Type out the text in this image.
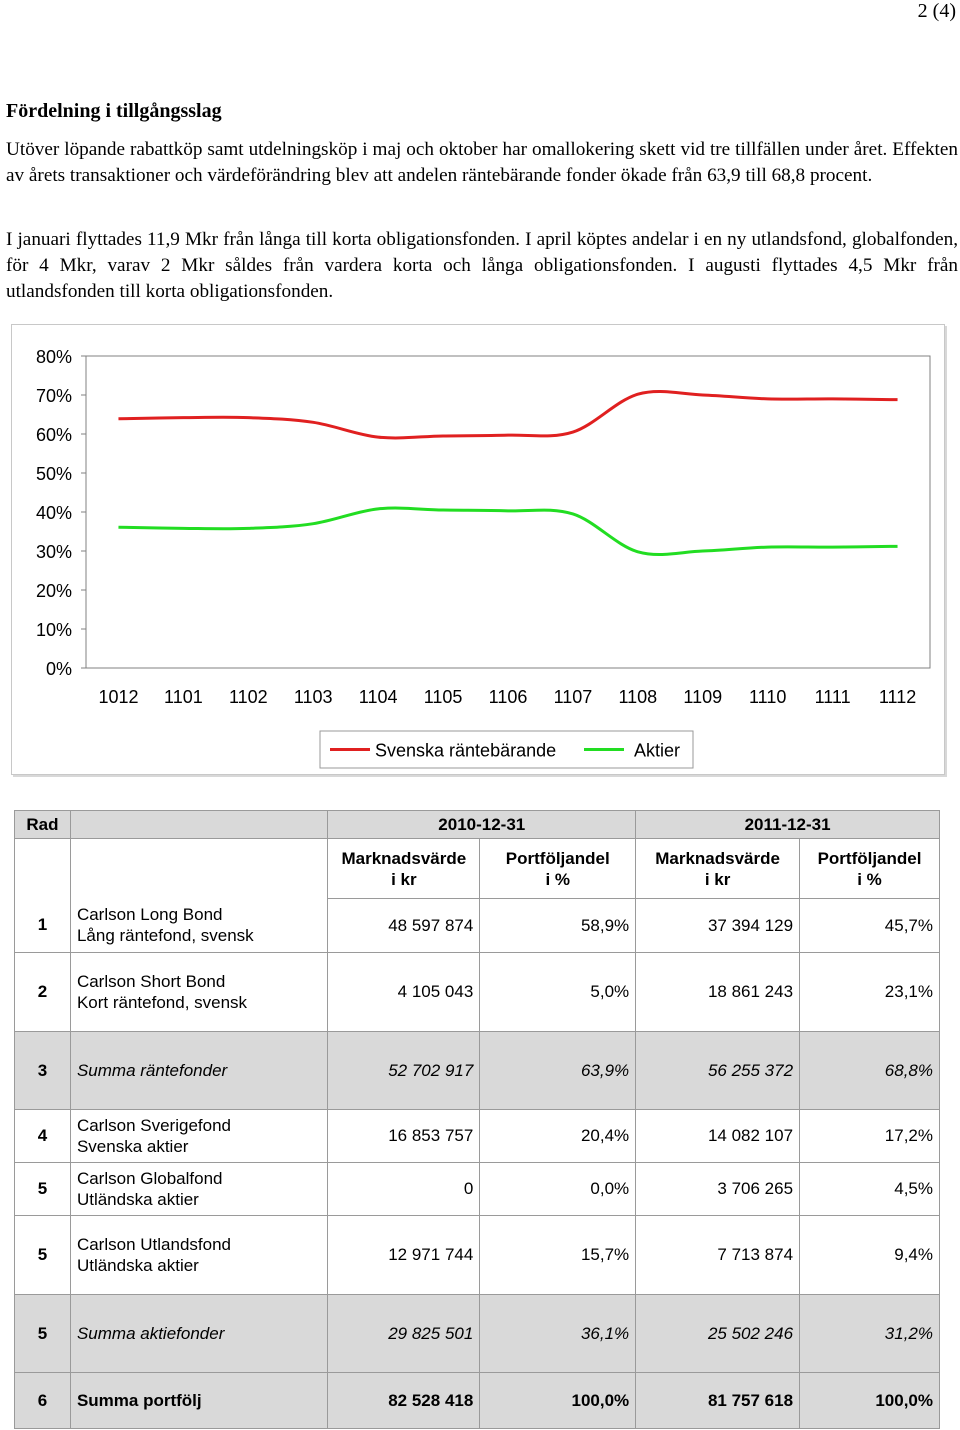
2 (4)
Fördelning i tillgångsslag

Utöver löpande rabattköp samt utdelningsköp i maj och oktober har omallokering skett vid tre tillfällen under året. Effekten av årets transaktioner och värdeförändring blev att andelen räntebärande fonder ökade från 63,9 till 68,8 procent.

I januari flyttades 11,9 Mkr från långa till korta obligationsfonden. I april köptes andelar i en ny utlandsfond, globalfonden, för 4 Mkr, varav 2 Mkr såldes från vardera korta och långa obligationsfonden. I augusti flyttades 4,5 Mkr från utlandsfonden till korta obligationsfonden.

0%
10%
20%
30%
40%
50%
60%
70%
80%
1012 1101 1102 1103 1104 1105 1106 1107 1108 1109 1110 1111 1112
Svenska räntebärande	Aktier
Rad		2010-12-31		2011-12-31	

		Marknadsvärde
i kr	Portföljandel
i %	Marknadsvärde
i kr	Portföljandel
i %

1	Carlson Long Bond
Lång räntefond, svensk	48 597 874	58,9%	37 394 129	45,7%
2	Carlson Short Bond
Kort räntefond, svensk	4 105 043	5,0%	18 861 243	23,1%
3	Summa räntefonder	52 702 917	63,9%	56 255 372	68,8%
4	Carlson Sverigefond
Svenska aktier	16 853 757	20,4%	14 082 107	17,2%
5	Carlson Globalfond
Utländska aktier	0	0,0%	3 706 265	4,5%
5	Carlson Utlandsfond
Utländska aktier	12 971 744	15,7%	7 713 874	9,4%
5	Summa aktiefonder	29 825 501	36,1%	25 502 246	31,2%
6	Summa portfölj	82 528 418	100,0%	81 757 618	100,0%
